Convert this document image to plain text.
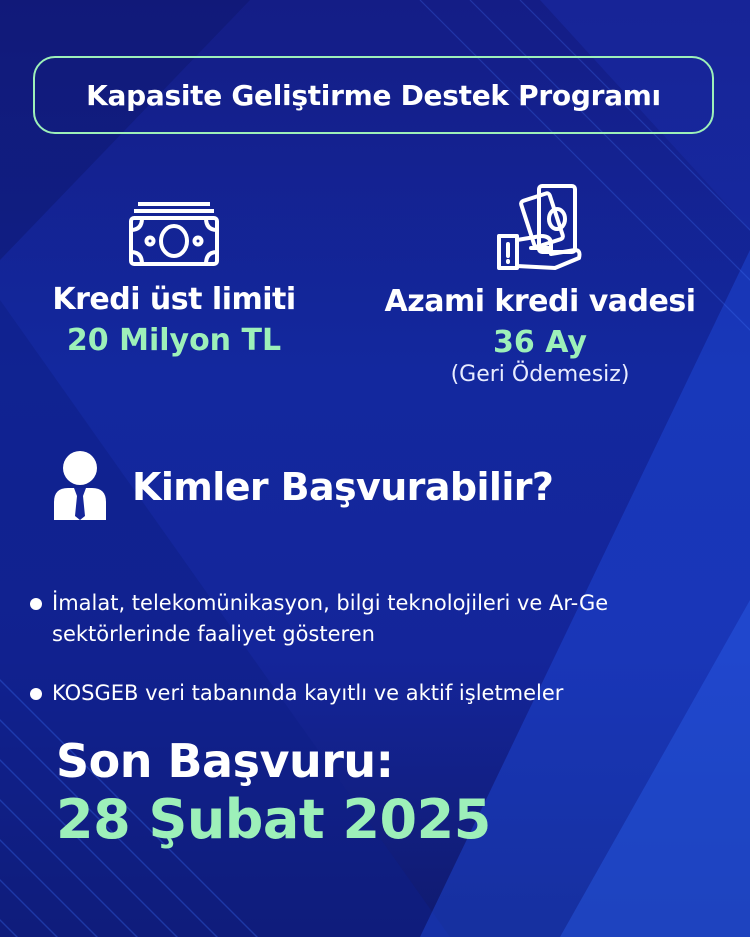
Kapasite Geliştirme Destek Programı
Kredi üst limiti
20 Milyon TL
Azami kredi vadesi
36 Ay
(Geri Ödemesiz)
Kimler Başvurabilir?
İmalat, telekomünikasyon, bilgi teknolojileri ve Ar-Ge sektörlerinde faaliyet gösteren
KOSGEB veri tabanında kayıtlı ve aktif işletmeler
Son Başvuru:
28 Şubat 2025
